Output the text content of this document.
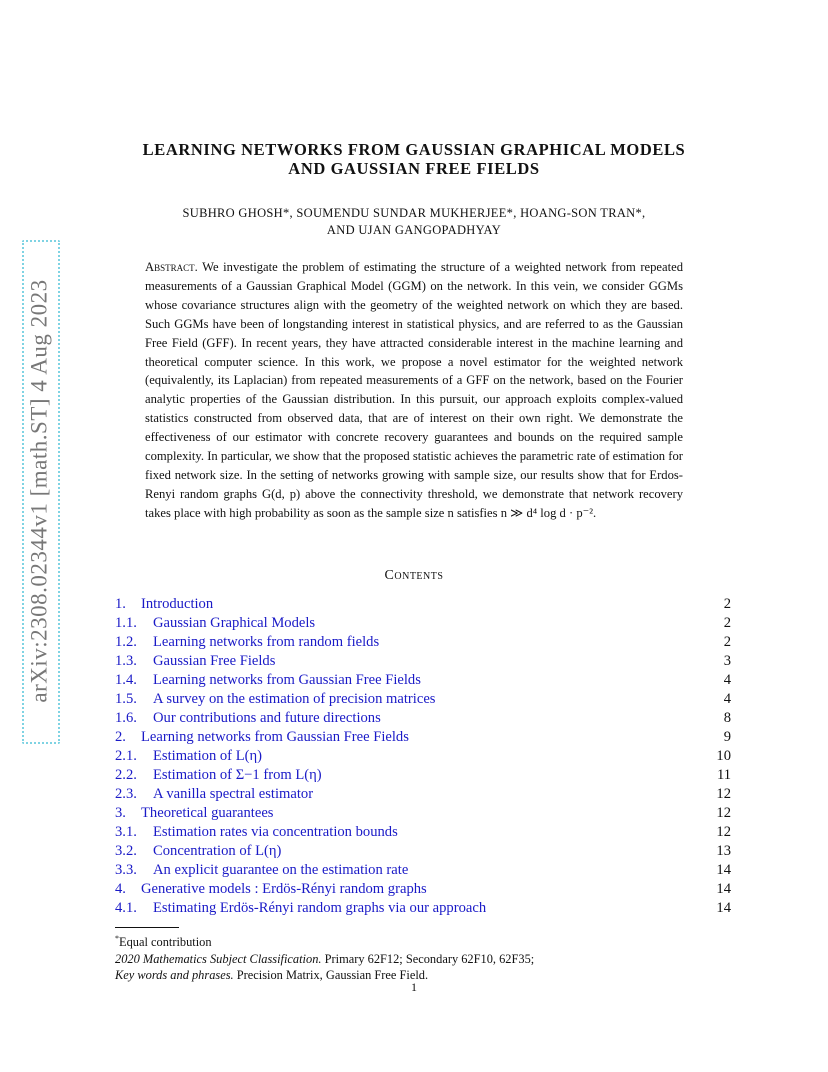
arXiv:2308.02344v1 [math.ST] 4 Aug 2023
LEARNING NETWORKS FROM GAUSSIAN GRAPHICAL MODELS
AND GAUSSIAN FREE FIELDS
SUBHRO GHOSH*, SOUMENDU SUNDAR MUKHERJEE*, HOANG-SON TRAN*,
AND UJAN GANGOPADHYAY
Abstract. We investigate the problem of estimating the structure of a weighted network from repeated measurements of a Gaussian Graphical Model (GGM) on the network. In this vein, we consider GGMs whose covariance structures align with the geometry of the weighted network on which they are based. Such GGMs have been of longstanding interest in statistical physics, and are referred to as the Gaussian Free Field (GFF). In recent years, they have attracted considerable interest in the machine learning and theoretical computer science. In this work, we propose a novel estimator for the weighted network (equivalently, its Laplacian) from repeated measurements of a GFF on the network, based on the Fourier analytic properties of the Gaussian distribution. In this pursuit, our approach exploits complex-valued statistics constructed from observed data, that are of interest on their own right. We demonstrate the effectiveness of our estimator with concrete recovery guarantees and bounds on the required sample complexity. In particular, we show that the proposed statistic achieves the parametric rate of estimation for fixed network size. In the setting of networks growing with sample size, our results show that for Erdos-Renyi random graphs G(d, p) above the connectivity threshold, we demonstrate that network recovery takes place with high probability as soon as the sample size n satisfies n ≫ d⁴ log d · p⁻².
Contents
1. Introduction	2
1.1. Gaussian Graphical Models	2
1.2. Learning networks from random fields	2
1.3. Gaussian Free Fields	3
1.4. Learning networks from Gaussian Free Fields	4
1.5. A survey on the estimation of precision matrices	4
1.6. Our contributions and future directions	8
2. Learning networks from Gaussian Free Fields	9
2.1. Estimation of L(η)	10
2.2. Estimation of Σ−1 from L(η)	11
2.3. A vanilla spectral estimator	12
3. Theoretical guarantees	12
3.1. Estimation rates via concentration bounds	12
3.2. Concentration of L(η)	13
3.3. An explicit guarantee on the estimation rate	14
4. Generative models : Erdös-Rényi random graphs	14
4.1. Estimating Erdös-Rényi random graphs via our approach	14
*Equal contribution
2020 Mathematics Subject Classification. Primary 62F12; Secondary 62F10, 62F35;
Key words and phrases. Precision Matrix, Gaussian Free Field.
1
